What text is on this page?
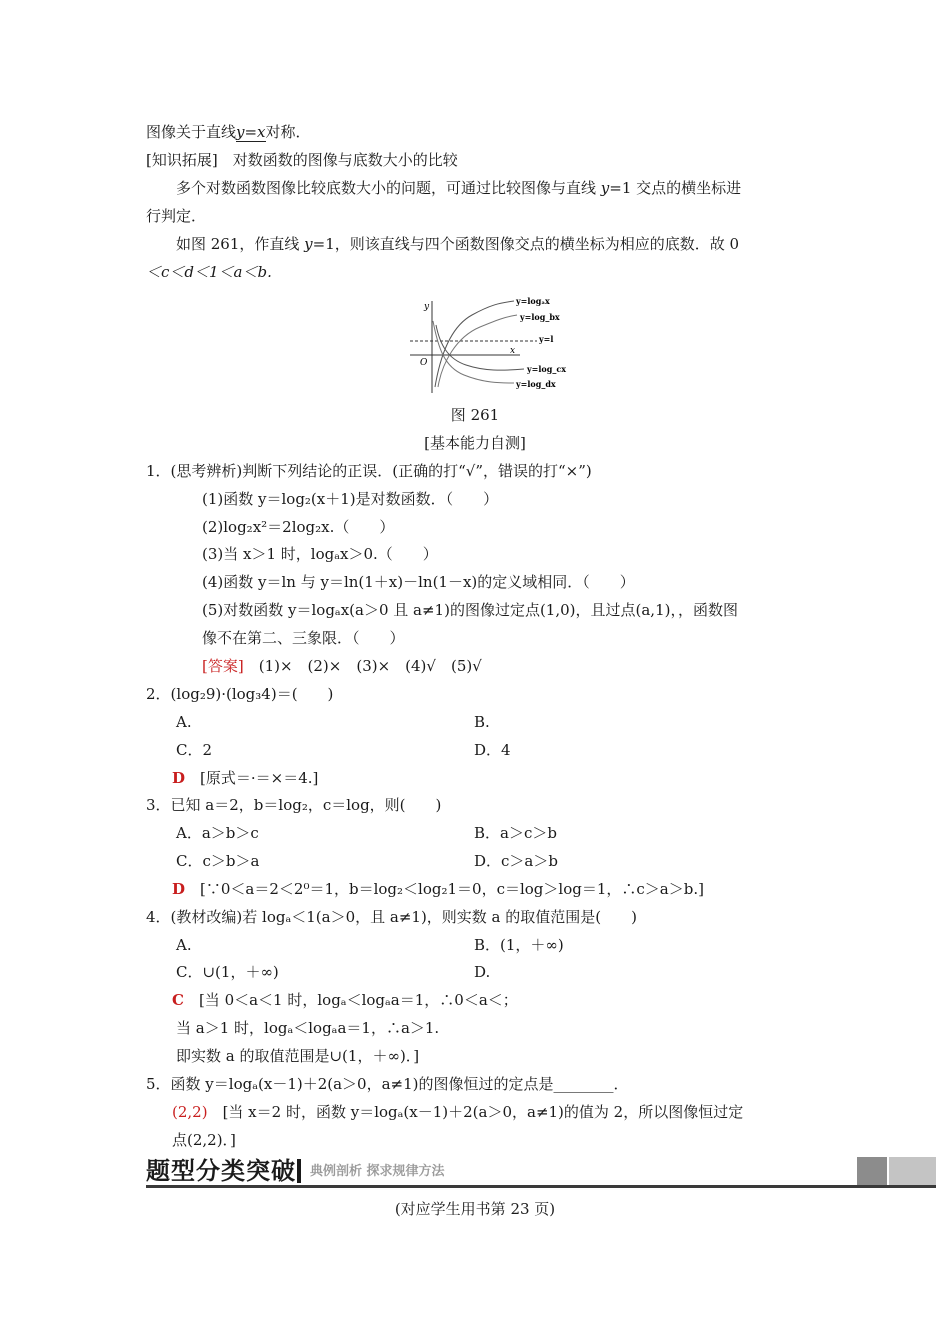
图像关于直线y=x对称．
[知识拓展]　 对数函数的图像与底数大小的比较
多个对数函数图像比较底数大小的问题，可通过比较图像与直线 y=1 交点的横坐标进
行判定．
如图 261，作直线 y=1，则该直线与四个函数图像交点的横坐标为相应的底数．故 0
＜c＜d＜1＜a＜b.
y
x
O
y=logₐx
y=log_bx
y=l
y=log_cx
y=log_dx
图 261
[基本能力自测]
1．(思考辨析)判断下列结论的正误．(正确的打“√”，错误的打“×”)
(1)函数 y＝log₂(x＋1)是对数函数．（　　）
(2)log₂x²＝2log₂x.（　　）
(3)当 x＞1 时，logₐx＞0.（　　）
(4)函数 y＝ln 与 y＝ln(1＋x)－ln(1－x)的定义域相同．（　　）
(5)对数函数 y＝logₐx(a＞0 且 a≠1)的图像过定点(1,0)，且过点(a,1)，，函数图
像不在第二、三象限．（　　）
[答案]　(1)×　(2)×　(3)×　(4)√　(5)√
2．(log₂9)·(log₃4)＝(　　)
A.	B.
C．2	D．4
D　[原式＝·＝×＝4.]
3．已知 a＝2，b＝log₂，c＝log，则(　　)
A．a＞b＞c	B．a＞c＞b
C．c＞b＞a	D．c＞a＞b
D　[∵0＜a＝2＜2⁰＝1，b＝log₂＜log₂1＝0，c＝log＞log＝1，∴c＞a＞b.]
4．(教材改编)若 logₐ＜1(a＞0，且 a≠1)，则实数 a 的取值范围是(　　)
A.	B．(1，＋∞)
C．∪(1，＋∞)	D.
C　[当 0＜a＜1 时，logₐ＜logₐa＝1，∴0＜a＜；
当 a＞1 时，logₐ＜logₐa＝1，∴a＞1.
即实数 a 的取值范围是∪(1，＋∞)．]
5．函数 y＝logₐ(x－1)＋2(a＞0，a≠1)的图像恒过的定点是________．
(2,2)　[当 x＝2 时，函数 y＝logₐ(x－1)＋2(a＞0，a≠1)的值为 2，所以图像恒过定
点(2,2)．]
题型分类突破 典例剖析 探求规律方法
(对应学生用书第 23 页)
